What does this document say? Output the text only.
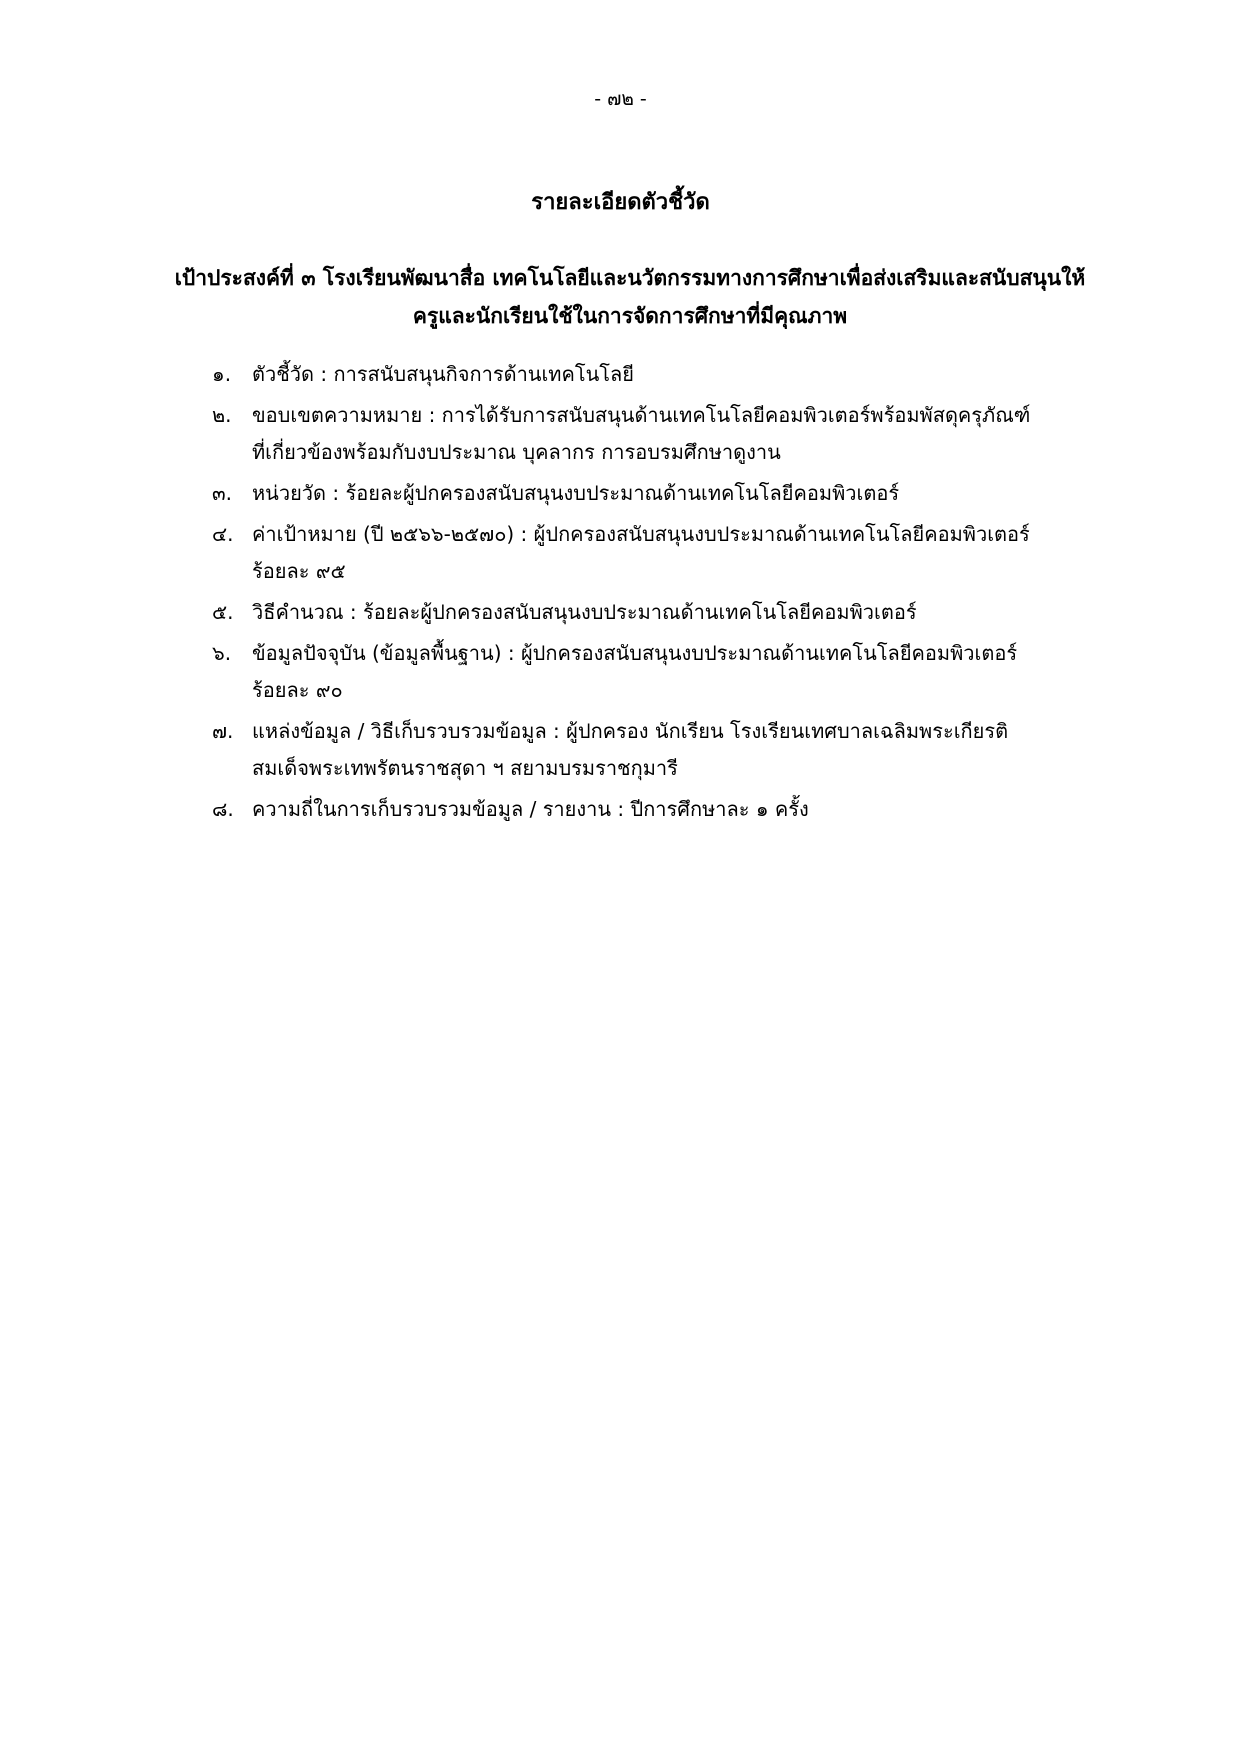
- ๗๒ -
รายละเอียดตัวชี้วัด
เป้าประสงค์ที่ ๓ โรงเรียนพัฒนาสื่อ เทคโนโลยีและนวัตกรรมทางการศึกษาเพื่อส่งเสริมและสนับสนุนให้
ครูและนักเรียนใช้ในการจัดการศึกษาที่มีคุณภาพ
๑.	ตัวชี้วัด : การสนับสนุนกิจการด้านเทคโนโลยี
๒.	ขอบเขตความหมาย : การได้รับการสนับสนุนด้านเทคโนโลยีคอมพิวเตอร์พร้อมพัสดุครุภัณฑ์
ที่เกี่ยวข้องพร้อมกับงบประมาณ บุคลากร การอบรมศึกษาดูงาน
๓. หน่วยวัด : ร้อยละผู้ปกครองสนับสนุนงบประมาณด้านเทคโนโลยีคอมพิวเตอร์
๔. ค่าเป้าหมาย (ปี ๒๕๖๖-๒๕๗๐) : ผู้ปกครองสนับสนุนงบประมาณด้านเทคโนโลยีคอมพิวเตอร์
ร้อยละ ๙๕
๕. วิธีคำนวณ : ร้อยละผู้ปกครองสนับสนุนงบประมาณด้านเทคโนโลยีคอมพิวเตอร์
๖.	ข้อมูลปัจจุบัน (ข้อมูลพื้นฐาน) : ผู้ปกครองสนับสนุนงบประมาณด้านเทคโนโลยีคอมพิวเตอร์
ร้อยละ ๙๐
๗. แหล่งข้อมูล / วิธีเก็บรวบรวมข้อมูล : ผู้ปกครอง นักเรียน โรงเรียนเทศบาลเฉลิมพระเกียรติ
สมเด็จพระเทพรัตนราชสุดา ฯ สยามบรมราชกุมารี
๘. ความถี่ในการเก็บรวบรวมข้อมูล / รายงาน : ปีการศึกษาละ ๑ ครั้ง
